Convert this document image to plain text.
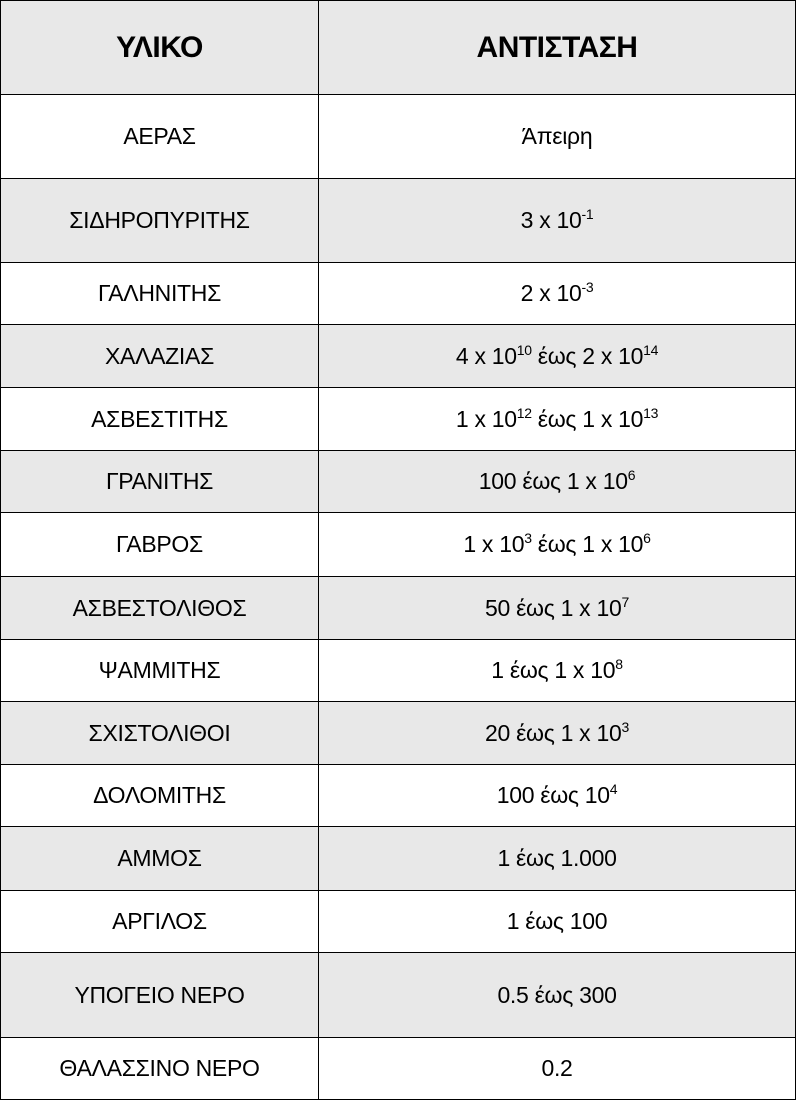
ΥΛΙΚΟ	ΑΝΤΙΣΤΑΣΗ
ΑΕΡΑΣ	Άπειρη
ΣΙΔΗΡΟΠΥΡΙΤΗΣ	3 x $10^{-1}$
ΓΑΛΗΝΙΤΗΣ	2 x $10^{-3}$
ΧΑΛΑΖΙΑΣ	4 x $10^{10}$ έως 2 x $10^{14}$
ΑΣΒΕΣΤΙΤΗΣ	1 x $10^{12}$ έως 1 x $10^{13}$
ΓΡΑΝΙΤΗΣ	100 έως 1 x $10^6$
ΓΑΒΡΟΣ	1 x $10^3$ έως 1 x $10^6$
ΑΣΒΕΣΤΟΛΙΘΟΣ	50 έως 1 x $10^7$
ΨΑΜΜΙΤΗΣ	1 έως 1 x $10^8$
ΣΧΙΣΤΟΛΙΘΟΙ	20 έως 1 x $10^3$
ΔΟΛΟΜΙΤΗΣ	100 έως $10^4$
ΑΜΜΟΣ	1 έως 1.000
ΑΡΓΙΛΟΣ	1 έως 100
ΥΠΟΓΕΙΟ ΝΕΡΟ	0.5 έως 300
ΘΑΛΑΣΣΙΝΟ ΝΕΡΟ	0.2
